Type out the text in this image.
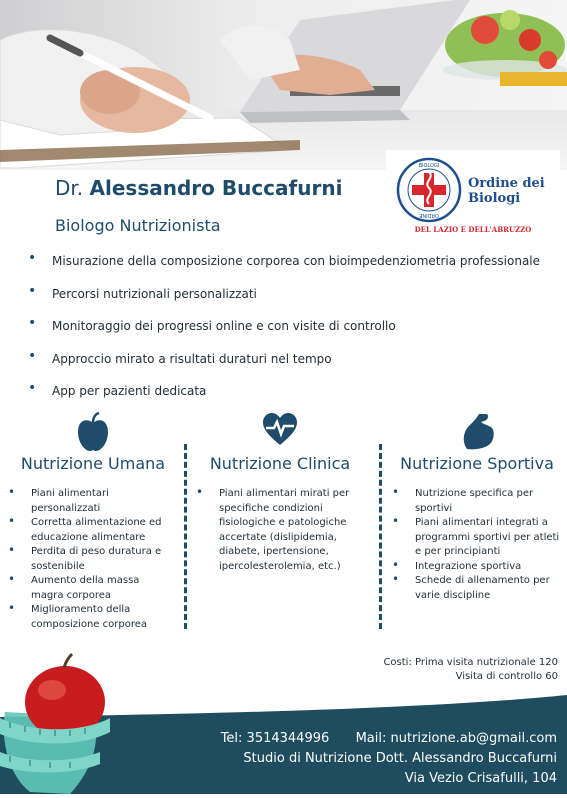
Dr. Alessandro Buccafurni
Biologo Nutrizionista
BIOLOGI
ORDINE
Ordine dei
Biologi
DEL LAZIO E DELL'ABRUZZO
• Misurazione della composizione corporea con bioimpedenziometria professionale
• Percorsi nutrizionali personalizzati
• Monitoraggio dei progressi online e con visite di controllo
• Approccio mirato a risultati duraturi nel tempo
• App per pazienti dedicata
Nutrizione Umana
• Piani alimentari personalizzati
• Corretta alimentazione ed educazione alimentare
• Perdita di peso duratura e sostenibile
• Aumento della massa magra corporea
• Miglioramento della composizione corporea
Nutrizione Clinica
• Piani alimentari mirati per specifiche condizioni fisiologiche e patologiche accertate (dislipidemia, diabete, ipertensione, ipercolesterolemia, etc.)
Nutrizione Sportiva
• Nutrizione specifica per sportivi
• Piani alimentari integrati a programmi sportivi per atleti e per principianti
• Integrazione sportiva
• Schede di allenamento per varie discipline
Costi: Prima visita nutrizionale 120
Visita di controllo 60
Tel: 3514344996 Mail: nutrizione.ab@gmail.com
Studio di Nutrizione Dott. Alessandro Buccafurni
Via Vezio Crisafulli, 104
